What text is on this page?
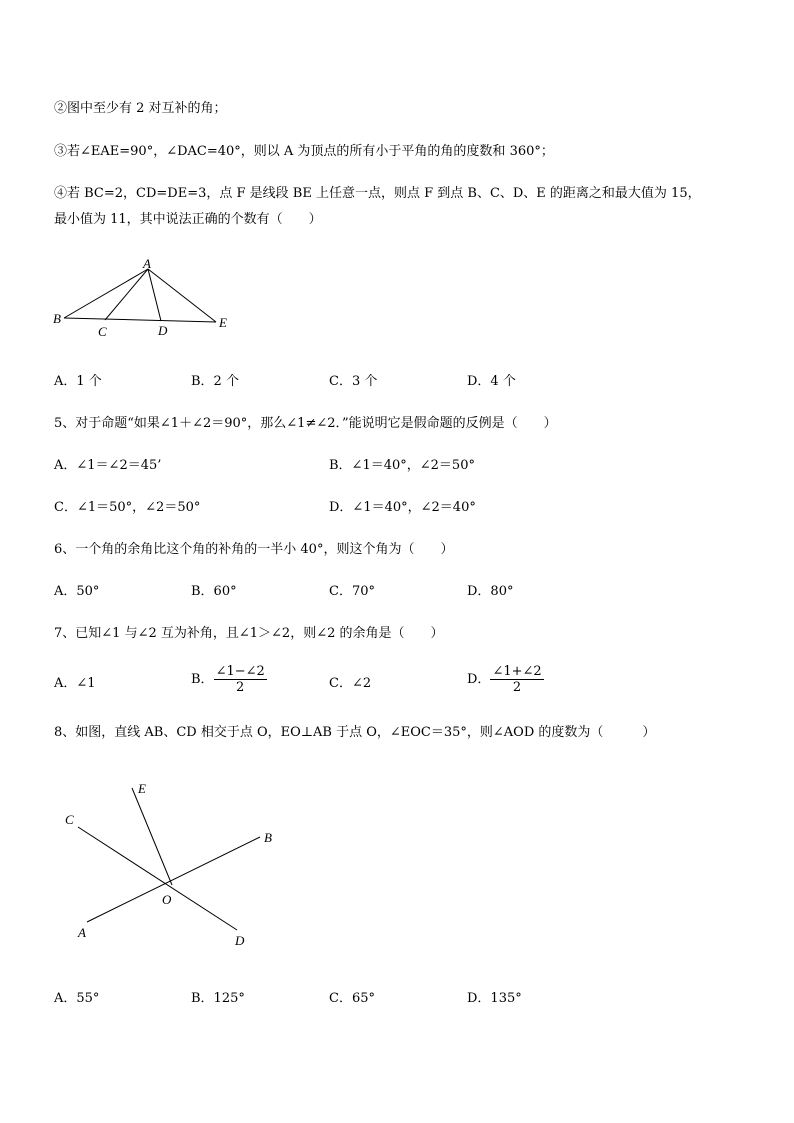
②图中至少有 2 对互补的角；
③若∠EAE=90°，∠DAC=40°，则以 A 为顶点的所有小于平角的角的度数和 360°；
④若 BC=2，CD=DE=3，点 F 是线段 BE 上任意一点，则点 F 到点 B、C、D、E 的距离之和最大值为 15，
最小值为 11，其中说法正确的个数有（　　）
A
B
C	D
E
A．1 个	B．2 个	C．3 个	D．4 个
5、对于命题“如果∠1＋∠2＝90°，那么∠1≠∠2．”能说明它是假命题的反例是（　　）
A．∠1＝∠2＝45’	B．∠1＝40°，∠2＝50°
C．∠1＝50°，∠2＝50°	D．∠1＝40°，∠2＝40°
6、一个角的余角比这个角的补角的一半小 40°，则这个角为（　　）
A．50°	B．60°	C．70°	D．80°
7、已知∠1 与∠2 互为补角，且∠1＞∠2，则∠2 的余角是（　　）
A．∠1	B． $\frac{\angle 1-\angle 2}{2}$	C．∠2	D． $\frac{\angle 1+\angle 2}{2}$
8、如图，直线 AB、CD 相交于点 O，EO⊥AB 于点 O，∠EOC＝35°，则∠AOD 的度数为（　　　）
E
C
B
O
A
D
A．55°	B．125°	C．65°	D．135°
